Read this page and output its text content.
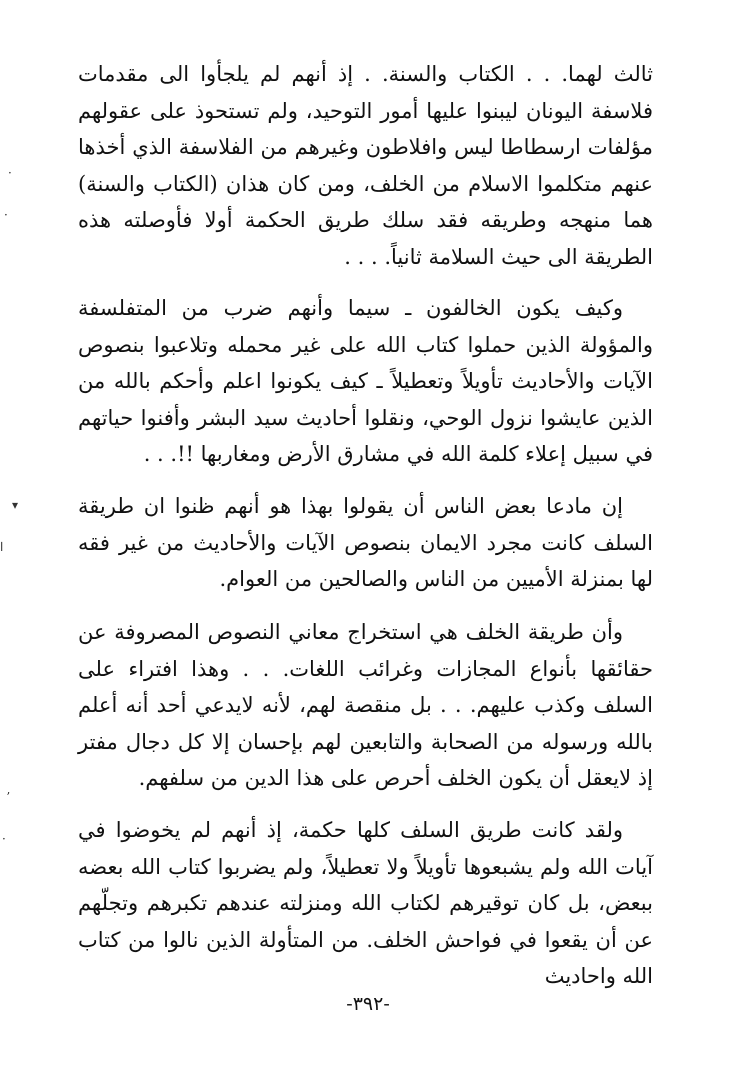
ثالث لهما. . . الكتاب والسنة. . إذ أنهم لم يلجأوا الى مقدمات فلاسفة اليونان ليبنوا عليها أمور التوحيد، ولم تستحوذ على عقولهم مؤلفات ارسطاطا ليس وافلاطون وغيرهم من الفلاسفة الذي أخذها عنهم متكلموا الاسلام من الخلف، ومن كان هذان (الكتاب والسنة) هما منهجه وطريقه فقد سلك طريق الحكمة أولا فأوصلته هذه الطريقة الى حيث السلامة ثانياً. . . .

وكيف يكون الخالفون ـ سيما وأنهم ضرب من المتفلسفة والمؤولة الذين حملوا كتاب الله على غير محمله وتلاعبوا بنصوص الآيات والأحاديث تأويلاً وتعطيلاً ـ كيف يكونوا اعلم وأحكم بالله من الذين عايشوا نزول الوحي، ونقلوا أحاديث سيد البشر وأفنوا حياتهم في سبيل إعلاء كلمة الله في مشارق الأرض ومغاربها !!. . .

إن مادعا بعض الناس أن يقولوا بهذا هو أنهم ظنوا ان طريقة السلف كانت مجرد الايمان بنصوص الآيات والأحاديث من غير فقه لها بمنزلة الأميين من الناس والصالحين من العوام.

وأن طريقة الخلف هي استخراج معاني النصوص المصروفة عن حقائقها بأنواع المجازات وغرائب اللغات. . . وهذا افتراء على السلف وكذب عليهم. . . بل منقصة لهم، لأنه لايدعي أحد أنه أعلم بالله ورسوله من الصحابة والتابعين لهم بإحسان إلا كل دجال مفتر إذ لايعقل أن يكون الخلف أحرص على هذا الدين من سلفهم.

ولقد كانت طريق السلف كلها حكمة، إذ أنهم لم يخوضوا في آيات الله ولم يشبعوها تأويلاً ولا تعطيلاً، ولم يضربوا كتاب الله بعضه ببعض، بل كان توقيرهم لكتاب الله ومنزلته عندهم تكبرهم وتجلّهم عن أن يقعوا في فواحش الخلف. من المتأولة الذين نالوا من كتاب الله واحاديث

-٣٩٢-
·
·
▾
ا
ʼ
·
